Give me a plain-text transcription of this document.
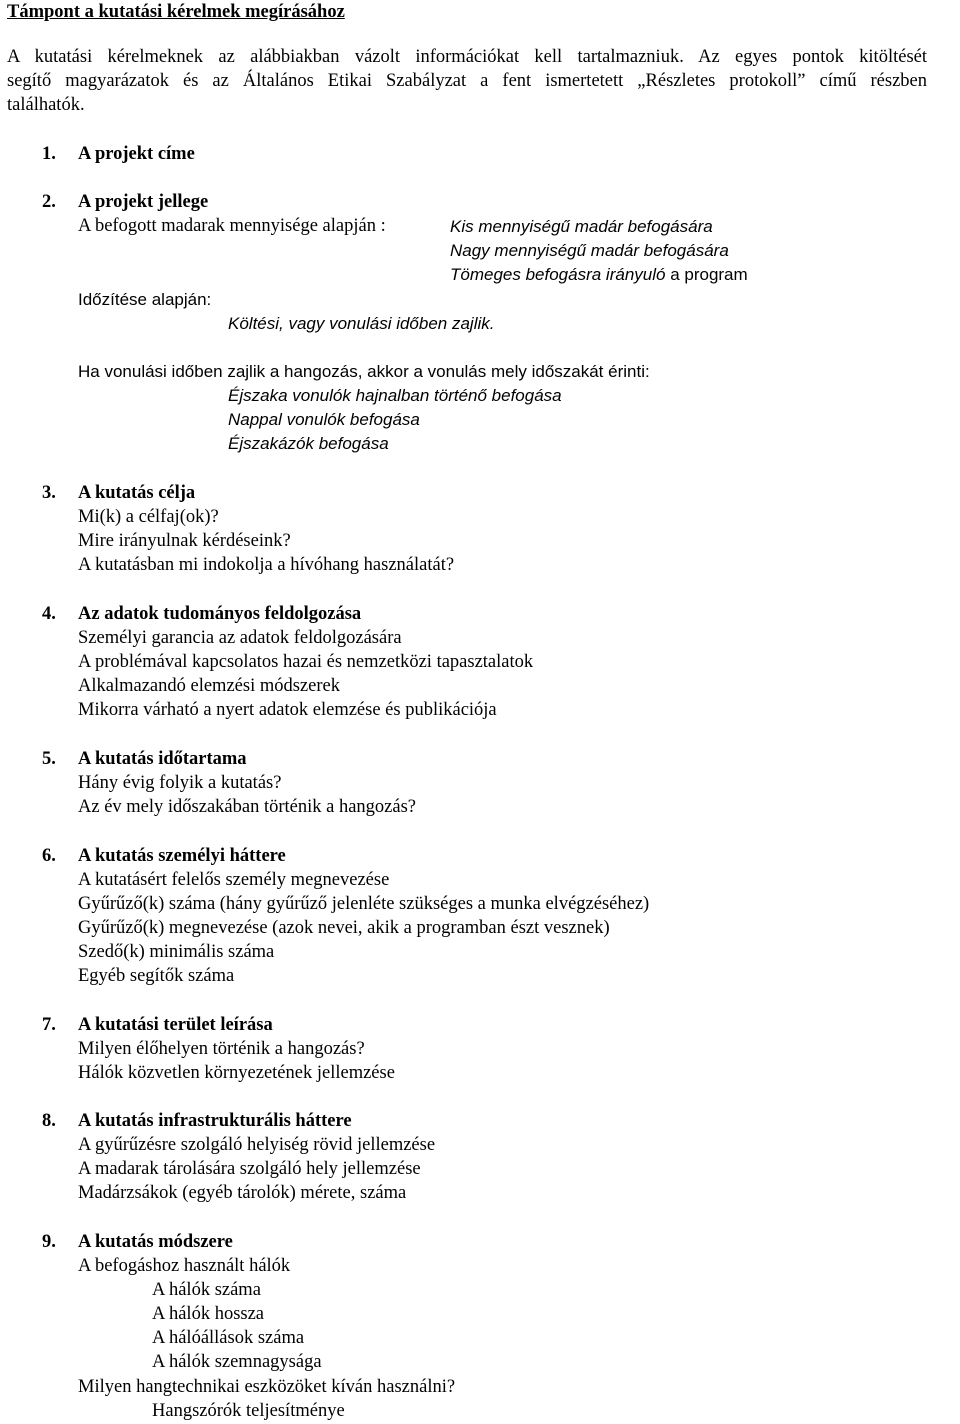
Támpont a kutatási kérelmek megírásához
A kutatási kérelmeknek az alábbiakban vázolt információkat kell tartalmazniuk. Az egyes pontok kitöltését
segítő magyarázatok és az Általános Etikai Szabályzat a fent ismertetett „Részletes protokoll” című részben
találhatók.
1. A projekt címe
2. A projekt jellege
A befogott madarak mennyisége alapján :	Kis mennyiségű madár befogására
Nagy mennyiségű madár befogására
Tömeges befogásra irányuló a program
Időzítése alapján:
Költési, vagy vonulási időben zajlik.
Ha vonulási időben zajlik a hangozás, akkor a vonulás mely időszakát érinti:
Éjszaka vonulók hajnalban történő befogása
Nappal vonulók befogása
Éjszakázók befogása
3. A kutatás célja
Mi(k) a célfaj(ok)?
Mire irányulnak kérdéseink?
A kutatásban mi indokolja a hívóhang használatát?
4. Az adatok tudományos feldolgozása
Személyi garancia az adatok feldolgozására
A problémával kapcsolatos hazai és nemzetközi tapasztalatok
Alkalmazandó elemzési módszerek
Mikorra várható a nyert adatok elemzése és publikációja
5. A kutatás időtartama
Hány évig folyik a kutatás?
Az év mely időszakában történik a hangozás?
6. A kutatás személyi háttere
A kutatásért felelős személy megnevezése
Gyűrűző(k) száma (hány gyűrűző jelenléte szükséges a munka elvégzéséhez)
Gyűrűző(k) megnevezése (azok nevei, akik a programban észt vesznek)
Szedő(k) minimális száma
Egyéb segítők száma
7. A kutatási terület leírása
Milyen élőhelyen történik a hangozás?
Hálók közvetlen környezetének jellemzése
8. A kutatás infrastrukturális háttere
A gyűrűzésre szolgáló helyiség rövid jellemzése
A madarak tárolására szolgáló hely jellemzése
Madárzsákok (egyéb tárolók) mérete, száma
9. A kutatás módszere
A befogáshoz használt hálók
A hálók száma
A hálók hossza
A hálóállások száma
A hálók szemnagysága
Milyen hangtechnikai eszközöket kíván használni?
Hangszórók teljesítménye
